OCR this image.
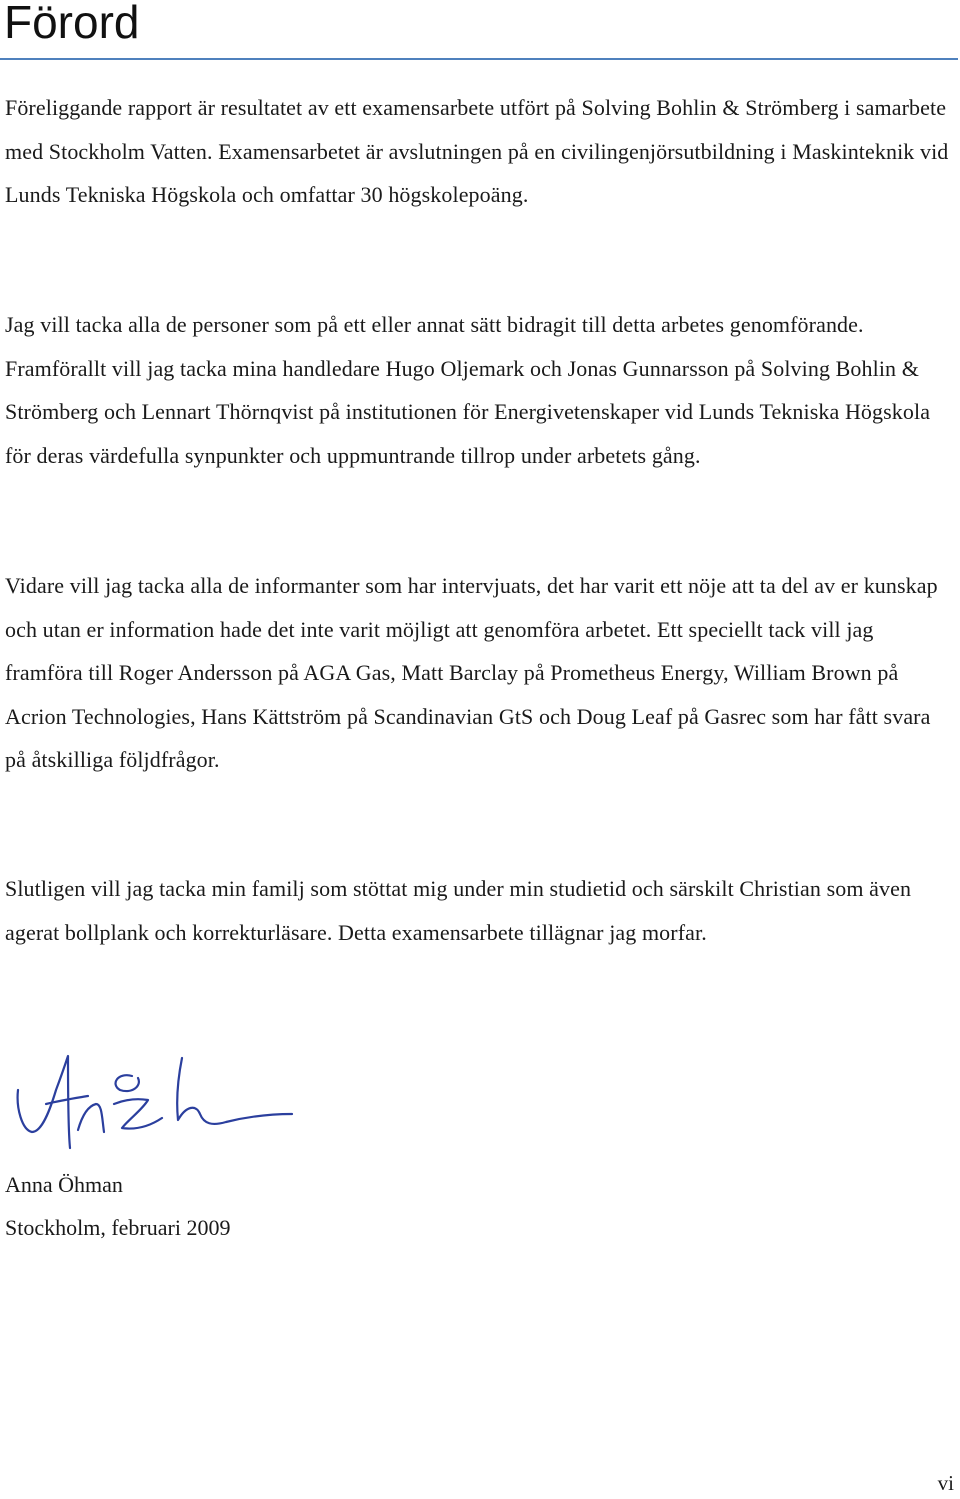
Förord

Föreliggande rapport är resultatet av ett examensarbete utfört på Solving Bohlin & Strömberg i samarbete med Stockholm Vatten. Examensarbetet är avslutningen på en civilingenjörsutbildning i Maskinteknik vid Lunds Tekniska Högskola och omfattar 30 högskolepoäng.

Jag vill tacka alla de personer som på ett eller annat sätt bidragit till detta arbetes genomförande. Framförallt vill jag tacka mina handledare Hugo Oljemark och Jonas Gunnarsson på Solving Bohlin & Strömberg och Lennart Thörnqvist på institutionen för Energivetenskaper vid Lunds Tekniska Högskola för deras värdefulla synpunkter och uppmuntrande tillrop under arbetets gång.

Vidare vill jag tacka alla de informanter som har intervjuats, det har varit ett nöje att ta del av er kunskap och utan er information hade det inte varit möjligt att genomföra arbetet. Ett speciellt tack vill jag framföra till Roger Andersson på AGA Gas, Matt Barclay på Prometheus Energy, William Brown på Acrion Technologies, Hans Kättström på Scandinavian GtS och Doug Leaf på Gasrec som har fått svara på åtskilliga följdfrågor.

Slutligen vill jag tacka min familj som stöttat mig under min studietid och särskilt Christian som även agerat bollplank och korrekturläsare. Detta examensarbete tillägnar jag morfar.

Anna Öhman

Stockholm, februari 2009

vi
